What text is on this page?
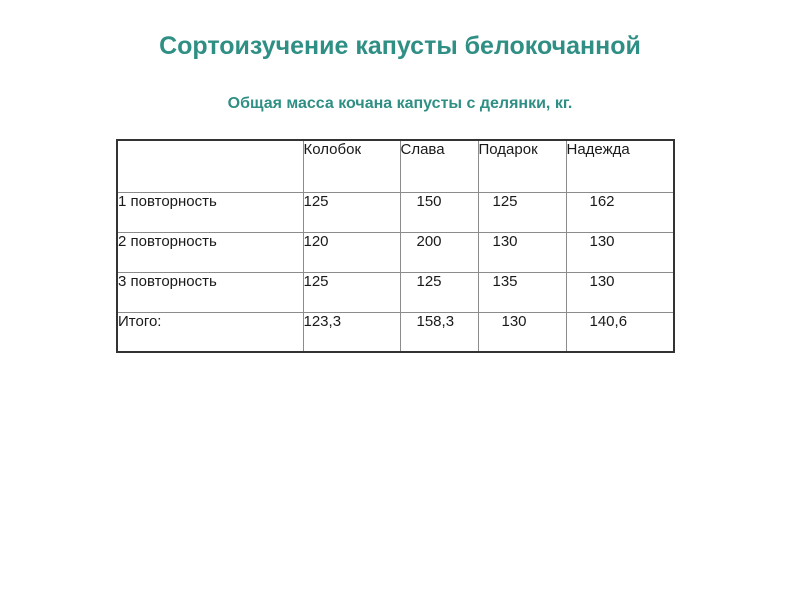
Сортоизучение капусты белокочанной
Общая масса кочана капусты с делянки, кг.
	Колобок	Слава	Подарок	Надежда
1 повторность	125	150	125	162
2 повторность	120	200	130	130
3 повторность	125	125	135	130
Итого:	123,3	158,3	130	140,6
